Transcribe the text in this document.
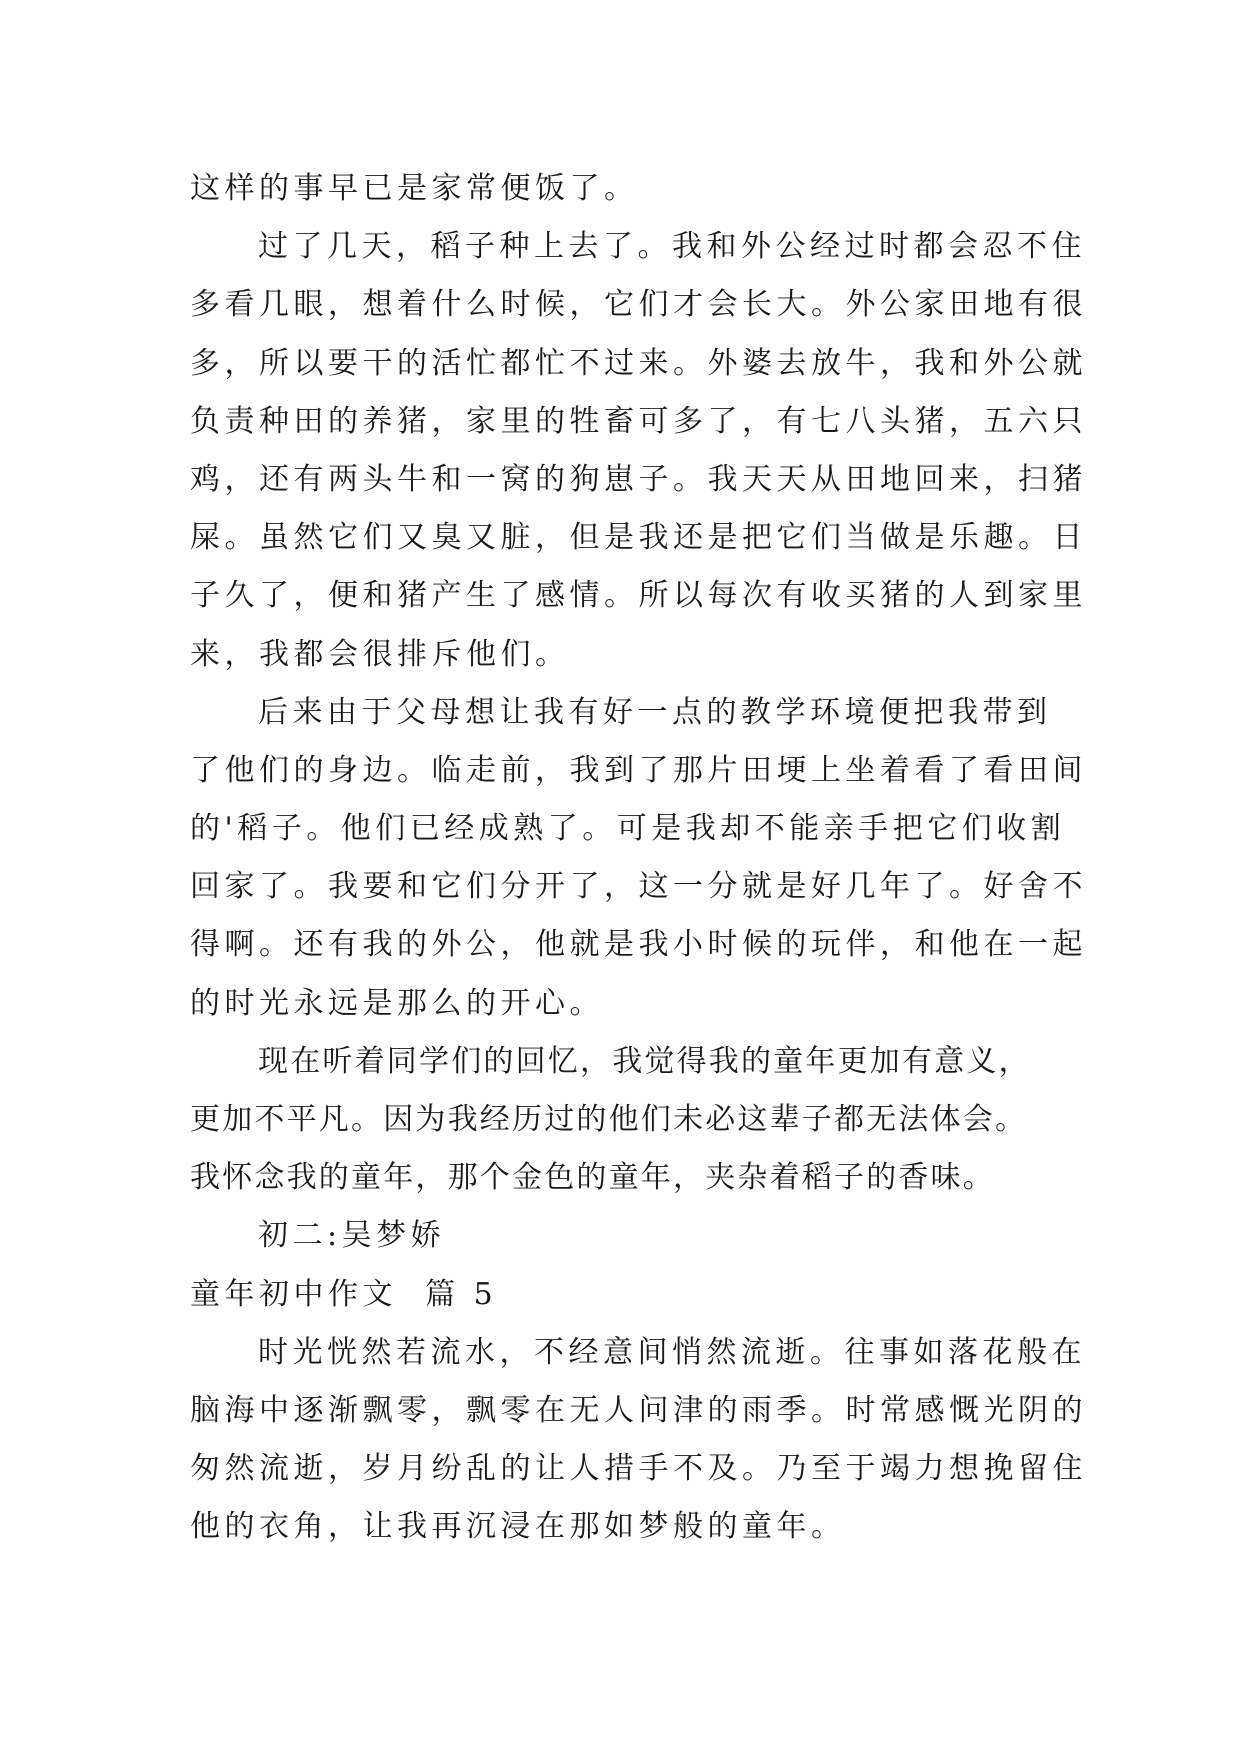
这样的事早已是家常便饭了。
过了几天，稻子种上去了。我和外公经过时都会忍不住
多看几眼，想着什么时候，它们才会长大。外公家田地有很
多，所以要干的活忙都忙不过来。外婆去放牛，我和外公就
负责种田的养猪，家里的牲畜可多了，有七八头猪，五六只
鸡，还有两头牛和一窝的狗崽子。我天天从田地回来，扫猪
屎。虽然它们又臭又脏，但是我还是把它们当做是乐趣。日
子久了，便和猪产生了感情。所以每次有收买猪的人到家里
来，我都会很排斥他们。
后来由于父母想让我有好一点的教学环境便把我带到
了他们的身边。临走前，我到了那片田埂上坐着看了看田间
的'稻子。他们已经成熟了。可是我却不能亲手把它们收割
回家了。我要和它们分开了，这一分就是好几年了。好舍不
得啊。还有我的外公，他就是我小时候的玩伴，和他在一起
的时光永远是那么的开心。
现在听着同学们的回忆，我觉得我的童年更加有意义，
更加不平凡。因为我经历过的他们未必这辈子都无法体会。
我怀念我的童年，那个金色的童年，夹杂着稻子的香味。
初二:吴梦娇
童年初中作文  篇 5
时光恍然若流水，不经意间悄然流逝。往事如落花般在
脑海中逐渐飘零，飘零在无人问津的雨季。时常感慨光阴的
匆然流逝，岁月纷乱的让人措手不及。乃至于竭力想挽留住
他的衣角，让我再沉浸在那如梦般的童年。
